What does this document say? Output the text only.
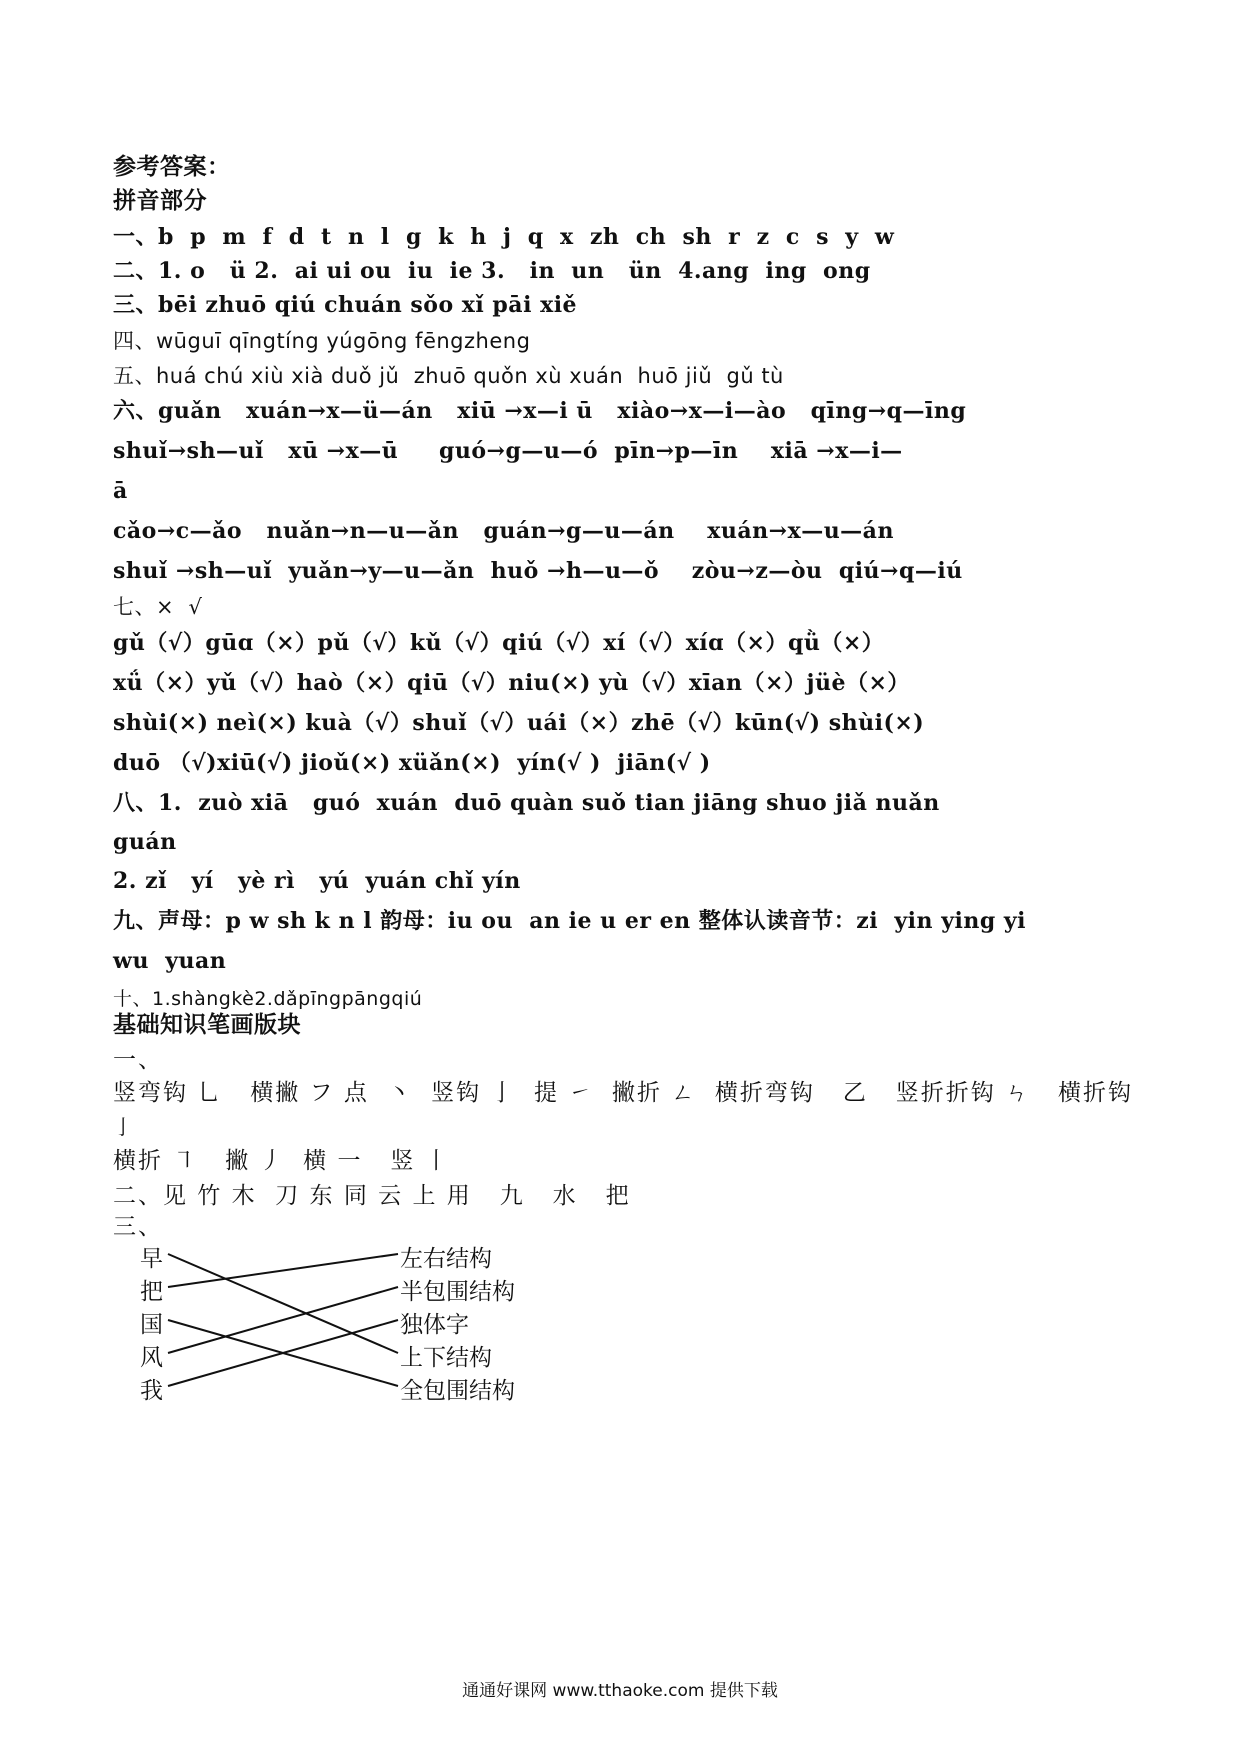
参考答案：
拼音部分
一、b  p  m  f  d  t  n  l  g  k  h  j  q  x  zh  ch  sh  r  z  c  s  y  w
二、1. o   ü 2.  ai ui ou  iu  ie 3.   in  un   ün  4.ang  ing  ong
三、bēi zhuō qiú chuán sǒo xǐ pāi xiě
四、wūguī qīngtíng yúgōng fēngzheng
五、huá chú xiù xià duǒ jǔ  zhuō quǒn xù xuán  huō jiǔ  gǔ tù
六、guǎn   xuán→x—ü—án   xiū →x—i ū   xiào→x—i—ào   qīng→q—īng
shuǐ→sh—uǐ   xū →x—ū     guó→g—u—ó  pīn→p—īn    xiā →x—i—
ā
cǎo→c—ǎo   nuǎn→n—u—ǎn   guán→g—u—án    xuán→x—u—án
shuǐ →sh—uǐ  yuǎn→y—u—ǎn  huǒ →h—u—ǒ    zòu→z—òu  qiú→q—iú
七、×  √
gǔ（√）gūɑ（×）pǔ（√）kǔ（√）qiú（√）xí（√）xíɑ（×）qǜ（×）
xǘ（×）yǔ（√）haò（×）qiū（√）niu(×) yù（√）xīan（×）jüè（×）
shùi(×) neì(×) kuà（√）shuǐ（√）uái（×）zhē（√）kūn(√) shùi(×)
duō （√)xiū(√) jioǔ(×) xüǎn(×)  yín(√ )  jiān(√ )
八、1.  zuò xiā   guó  xuán  duō quàn suǒ tian jiāng shuo jiǎ nuǎn
guán
2. zǐ   yí   yè rì   yú  yuán chǐ yín
九、声母：p w sh k n l 韵母：iu ou  an ie u er en 整体认读音节：zi  yin ying yi
wu  yuan
十、1.shàngkè2.dǎpīngpāngqiú
基础知识笔画版块
一、
竖弯钩 乚   横撇 フ 点  丶  竖钩 亅  提 ㇀  撇折 ㄥ  横折弯钩   乙   竖折折钩 ㄣ   横折钩
亅
横折 ㇕   撇 丿  横 一   竖 丨
二、见 竹 木  刀 东 同 云 上 用   九   水   把
三、
早
把
国
风
我
左右结构
半包围结构
独体字
上下结构
全包围结构
通通好课网 www.tthaoke.com 提供下载
